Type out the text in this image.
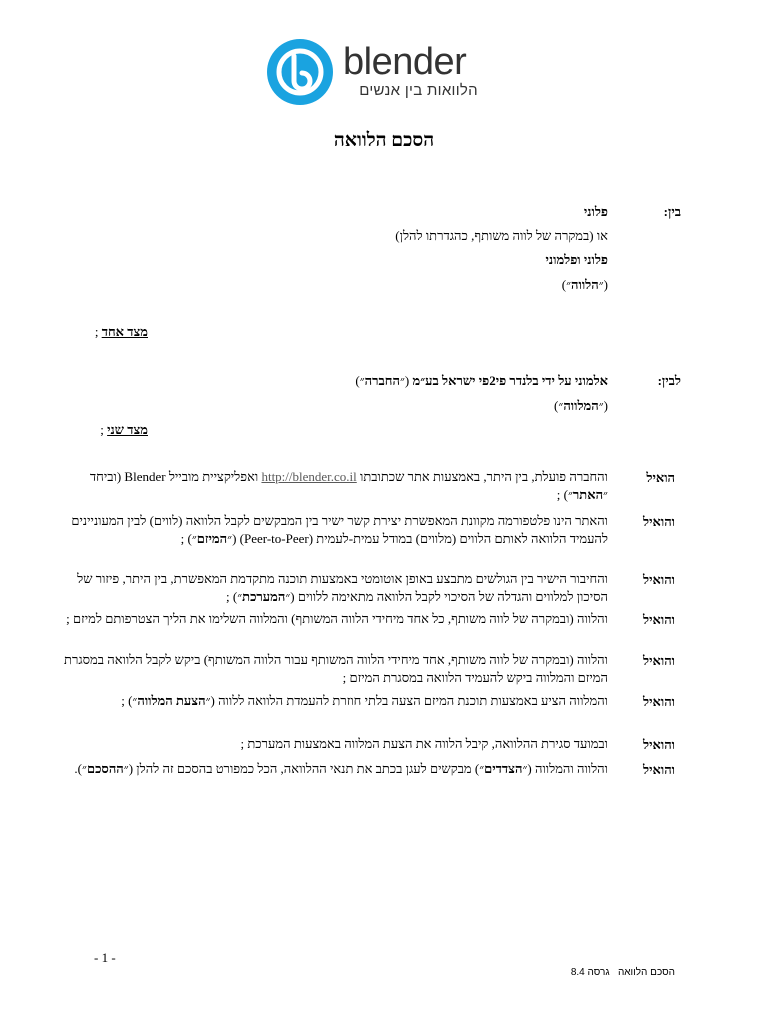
blender
הלוואות בין אנשים
הסכם הלוואה
בין:
פלוני
או (במקרה של לווה משותף, כהגדרתו להלן)
פלוני ופלמוני
(״הלווה״)
מצד אחד ;
לבין:
אלמוני על ידי בלנדר פי2פי ישראל בע״מ (״החברה״)
(״המלווה״)
מצד שני ;
הואיל
והחברה פועלת, בין היתר, באמצעות אתר שכתובתו http://blender.co.il ואפליקציית מובייל Blender (וביחד ״האתר״) ;
והואיל
והאתר הינו פלטפורמה מקוונת המאפשרת יצירת קשר ישיר בין המבקשים לקבל הלוואה (לווים) לבין המעוניינים להעמיד הלוואה לאותם הלווים (מלווים) במודל עמית-לעמית (Peer-to-Peer) (״המיזם״) ;
והואיל
והחיבור הישיר בין הגולשים מתבצע באופן אוטומטי באמצעות תוכנה מתקדמת המאפשרת, בין היתר, פיזור של הסיכון למלווים והגדלה של הסיכוי לקבל הלוואה מתאימה ללווים (״המערכת״) ;
והואיל
והלווה (ובמקרה של לווה משותף, כל אחד מיחידי הלווה המשותף) והמלווה השלימו את הליך הצטרפותם למיזם ;
והואיל
והלווה (ובמקרה של לווה משותף, אחד מיחידי הלווה המשותף עבור הלווה המשותף) ביקש לקבל הלוואה במסגרת המיזם והמלווה ביקש להעמיד הלוואה במסגרת המיזם ;
והואיל
והמלווה הציע באמצעות תוכנת המיזם הצעה בלתי חוזרת להעמדת הלוואה ללווה (״הצעת המלווה״) ;
והואיל
ובמועד סגירת ההלוואה, קיבל הלווה את הצעת המלווה באמצעות המערכת ;
והואיל
והלווה והמלווה (״הצדדים״) מבקשים לעגן בכתב את תנאי ההלוואה, הכל כמפורט בהסכם זה להלן (״ההסכם״).
- 1 -
הסכם הלוואה   גרסה 8.4
